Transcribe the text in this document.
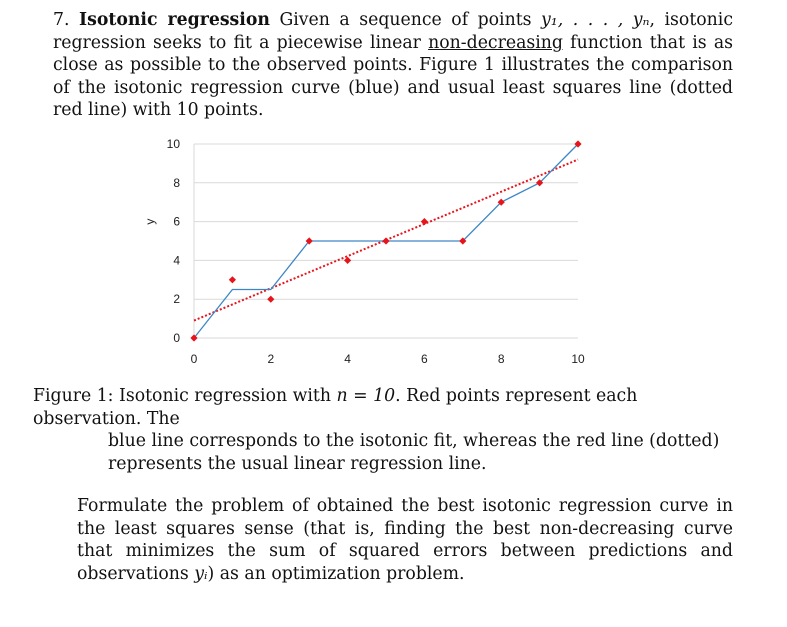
7. Isotonic regression Given a sequence of points y₁, . . . , yₙ, isotonic regression seeks to fit a piecewise linear non-decreasing function that is as close as possible to the observed points. Figure 1 illustrates the comparison of the isotonic regression curve (blue) and usual least squares line (dotted red line) with 10 points.
0
2
4
6
8
10
0	2	4	6	8	10
y
Figure 1: Isotonic regression with n = 10. Red points represent each observation. The
blue line corresponds to the isotonic fit, whereas the red line (dotted) represents the usual linear regression line.
Formulate the problem of obtained the best isotonic regression curve in the least squares sense (that is, finding the best non-decreasing curve that minimizes the sum of squared errors between predictions and observations yᵢ) as an optimization problem.
